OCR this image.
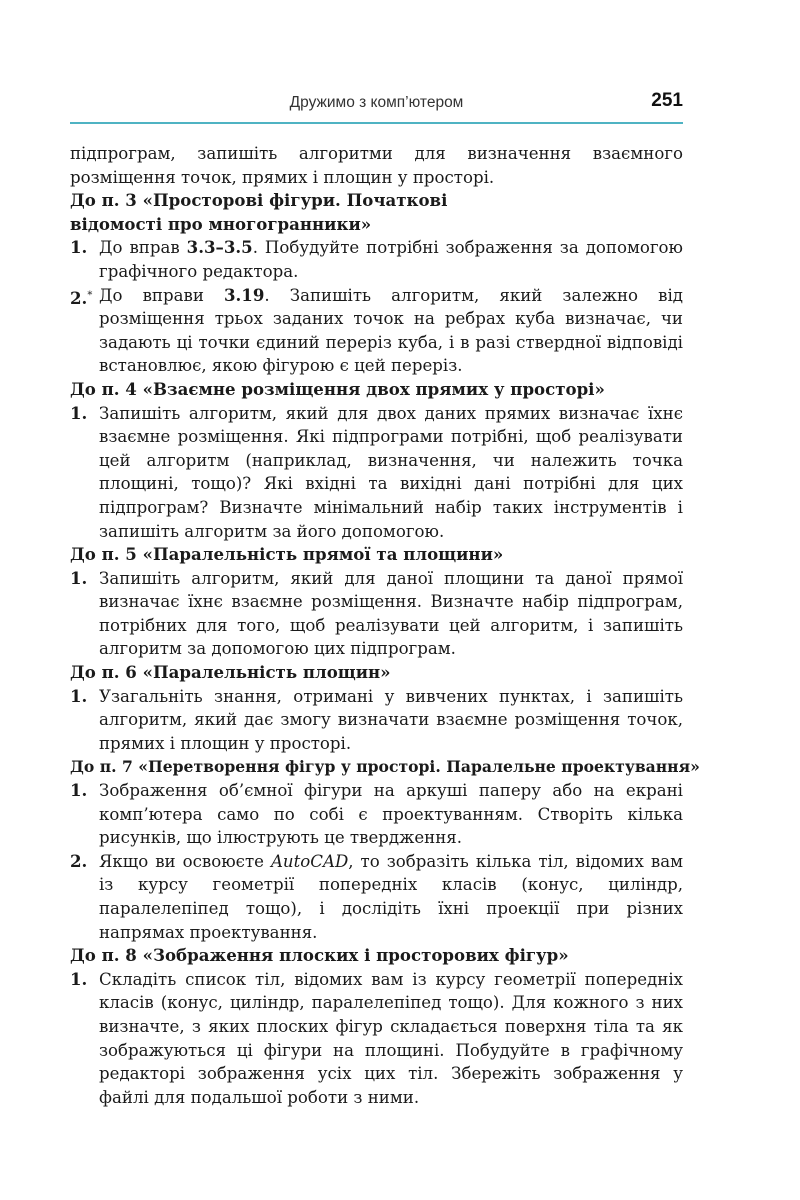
Дружимо з комп’ютером	251

підпрограм, запишіть алгоритми для визначення взаємного розміщення точок, прямих і площин у просторі.

До п. 3 «Просторові фігури. Початкові відомості про многогранники»
1. До вправ 3.3–3.5. Побудуйте потрібні зображення за допомогою графічного редактора.
2.* До вправи 3.19. Запишіть алгоритм, який залежно від розміщення трьох заданих точок на ребрах куба визначає, чи задають ці точки єдиний переріз куба, і в разі ствердної відповіді встановлює, якою фігурою є цей переріз.
До п. 4 «Взаємне розміщення двох прямих у просторі»
1. Запишіть алгоритм, який для двох даних прямих визначає їхнє взаємне розміщення. Які підпрограми потрібні, щоб реалізувати цей алгоритм (наприклад, визначення, чи належить точка площині, тощо)? Які вхідні та вихідні дані потрібні для цих підпрограм? Визначте мінімальний набір таких інструментів і запишіть алгоритм за його допомогою.
До п. 5 «Паралельність прямої та площини»
1. Запишіть алгоритм, який для даної площини та даної прямої визначає їхнє взаємне розміщення. Визначте набір підпрограм, потрібних для того, щоб реалізувати цей алгоритм, і запишіть алгоритм за допомогою цих підпрограм.
До п. 6 «Паралельність площин»
1. Узагальніть знання, отримані у вивчених пунктах, і запишіть алгоритм, який дає змогу визначати взаємне розміщення точок, прямих і площин у просторі.
До п. 7 «Перетворення фігур у просторі. Паралельне проектування»
1. Зображення об’ємної фігури на аркуші паперу або на екрані комп’ютера само по собі є проектуванням. Створіть кілька рисунків, що ілюструють це твердження.
2. Якщо ви освоюєте AutoCAD, то зобразіть кілька тіл, відомих вам із курсу геометрії попередніх класів (конус, циліндр, паралелепіпед тощо), і дослідіть їхні проекції при різних напрямах проектування.
До п. 8 «Зображення плоских і просторових фігур»
1. Складіть список тіл, відомих вам із курсу геометрії попередніх класів (конус, циліндр, паралелепіпед тощо). Для кожного з них визначте, з яких плоских фігур складається поверхня тіла та як зображуються ці фігури на площині. Побудуйте в графічному редакторі зображення усіх цих тіл. Збережіть зображення у файлі для подальшої роботи з ними.
